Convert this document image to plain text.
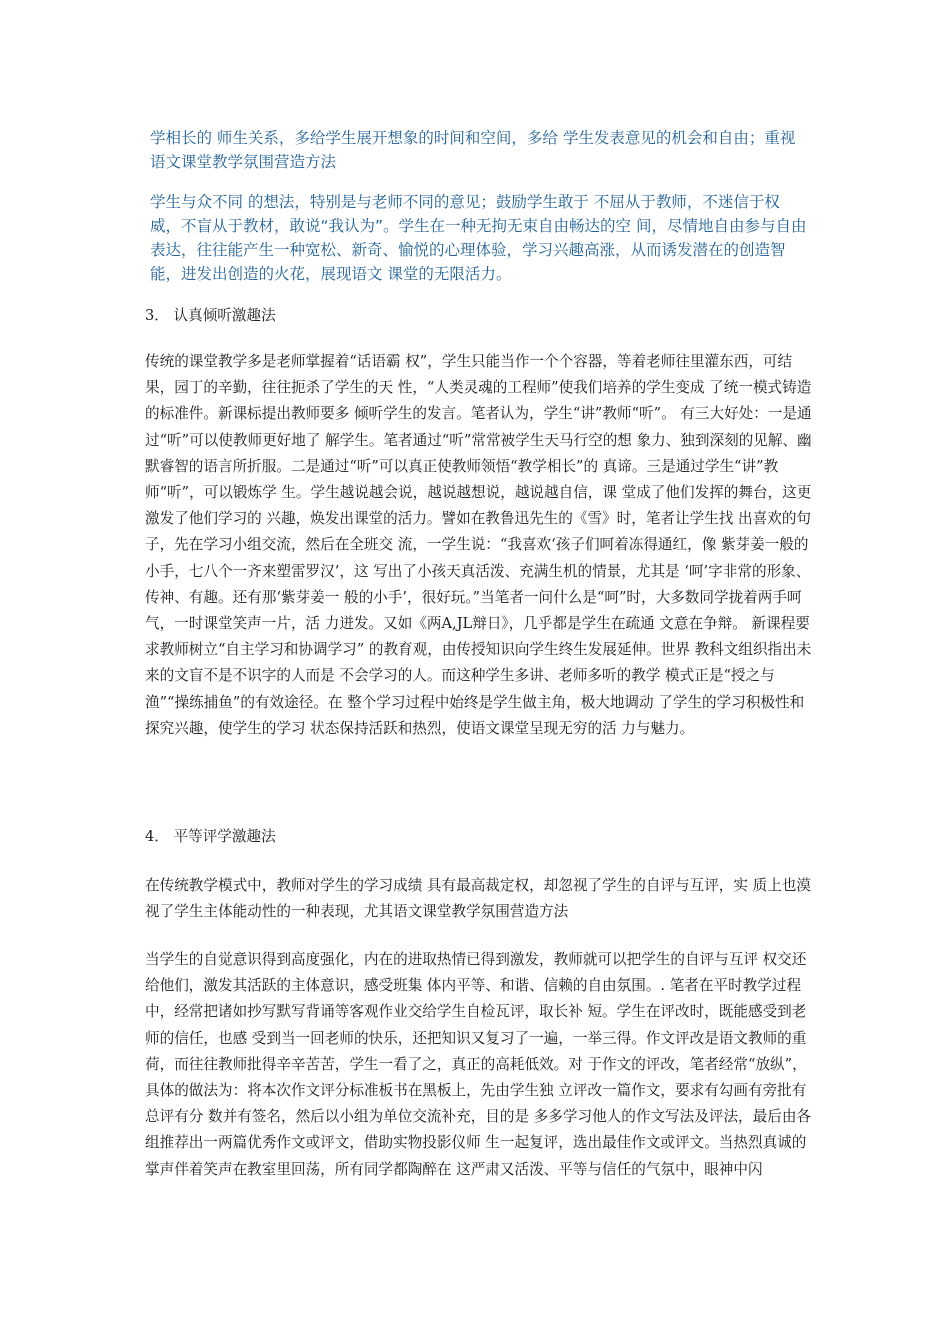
学相长的 师生关系，多给学生展开想象的时间和空间，多给 学生发表意见的机会和自由；重视语文课堂教学氛围营造方法

学生与众不同 的想法，特别是与老师不同的意见；鼓励学生敢于 不屈从于教师，不迷信于权威，不盲从于教材，敢说“我认为”。学生在一种无拘无束自由畅达的空 间，尽情地自由参与自由表达，往往能产生一种宽松、新奇、愉悦的心理体验，学习兴趣高涨，从而诱发潜在的创造智能，进发出创造的火花，展现语文 课堂的无限活力。

3． 认真倾听激趣法

传统的课堂教学多是老师掌握着“话语霸 权”，学生只能当作一个个容器，等着老师往里灌东西，可结果，园丁的辛勤，往往扼杀了学生的天 性，“人类灵魂的工程师”使我们培养的学生变成 了统一模式铸造的标准件。新课标提出教师要多 倾听学生的发言。笔者认为，学生“讲”教师“听”。 有三大好处：一是通过“听”可以使教师更好地了 解学生。笔者通过“听”常常被学生天马行空的想 象力、独到深刻的见解、幽默睿智的语言所折服。二是通过“听”可以真正使教师领悟“教学相长”的 真谛。三是通过学生“讲”教师“听”，可以锻炼学 生。学生越说越会说，越说越想说，越说越自信，课 堂成了他们发挥的舞台，这更激发了他们学习的 兴趣，焕发出课堂的活力。譬如在教鲁迅先生的《雪》时，笔者让学生找 出喜欢的句子，先在学习小组交流，然后在全班交 流，一学生说：“我喜欢‘孩子们呵着冻得通红，像 紫芽姜一般的小手，七八个一齐来塑雷罗汉’，这 写出了小孩天真活泼、充满生机的情景，尤其是 ‘呵’字非常的形象、传神、有趣。还有那‘紫芽姜一 般的小手’，很好玩。”当笔者一问什么是“呵”时，大多数同学拢着两手呵气，一时课堂笑声一片，活 力迸发。又如《两A,JL辩日》，几乎都是学生在疏通 文意在争辩。 新课程要求教师树立“自主学习和协调学习” 的教育观，由传授知识向学生终生发展延伸。世界 教科文组织指出未来的文盲不是不识字的人而是 不会学习的人。而这种学生多讲、老师多听的教学 模式正是“授之与渔”“操练捕鱼”的有效途径。在 整个学习过程中始终是学生做主角，极大地调动 了学生的学习积极性和探究兴趣，使学生的学习 状态保持活跃和热烈，使语文课堂呈现无穷的活 力与魅力。

4． 平等评学激趣法

在传统教学模式中，教师对学生的学习成绩 具有最高裁定权，却忽视了学生的自评与互评，实 质上也漠视了学生主体能动性的一种表现，尤其语文课堂教学氛围营造方法

当学生的自觉意识得到高度强化，内在的进取热情已得到激发，教师就可以把学生的自评与互评 权交还给他们，激发其活跃的主体意识，感受班集 体内平等、和谐、信赖的自由氛围。. 笔者在平时教学过程中，经常把诸如抄写默写背诵等客观作业交给学生自检瓦评，取长补 短。学生在评改时，既能感受到老师的信任，也感 受到当一回老师的快乐，还把知识又复习了一遍，一举三得。作文评改是语文教师的重荷，而往往教师批得辛辛苦苦，学生一看了之，真正的高耗低效。对 于作文的评改，笔者经常“放纵”，具体的做法为：将本次作文评分标准板书在黑板上，先由学生独 立评改一篇作文，要求有勾画有旁批有总评有分 数并有签名，然后以小组为单位交流补充，目的是 多多学习他人的作文写法及评法，最后由各组推荐出一两篇优秀作文或评文，借助实物投影仪师 生一起复评，选出最佳作文或评文。当热烈真诚的 掌声伴着笑声在教室里回荡，所有同学都陶醉在 这严肃又活泼、平等与信任的气氛中，眼神中闪
